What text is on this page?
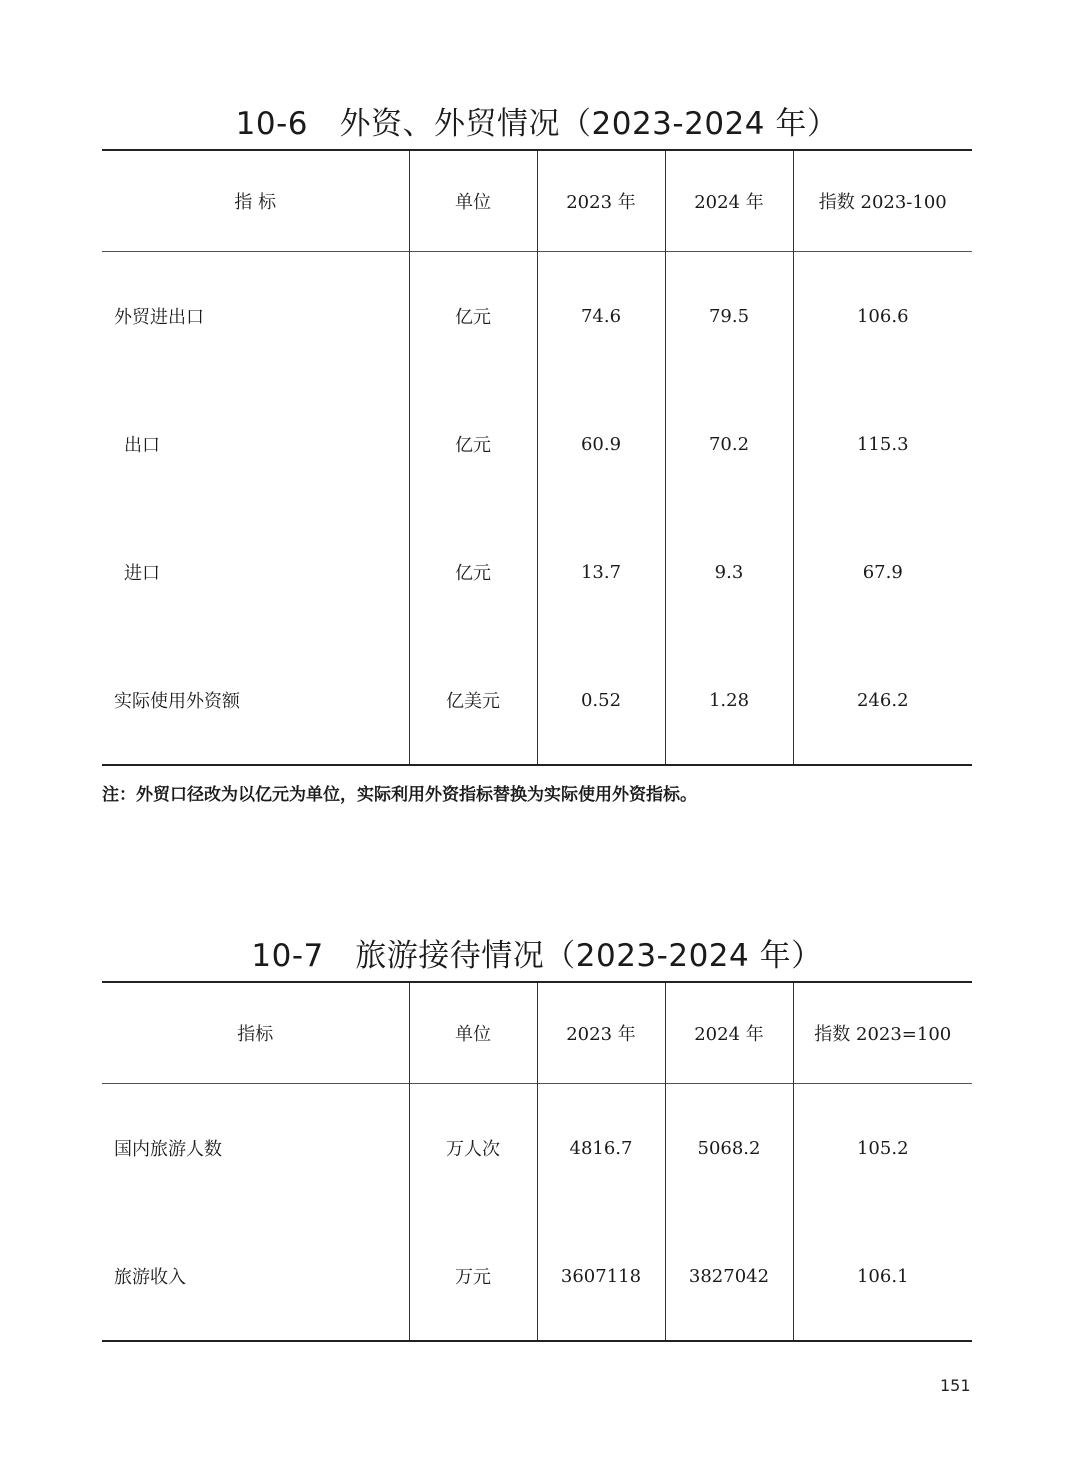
10-6　外资、外贸情况（2023-2024 年）
指 标	单位	2023 年	2024 年	指数 2023-100
外贸进出口	亿元	74.6	79.5	106.6
出口	亿元	60.9	70.2	115.3
进口	亿元	13.7	9.3	67.9
实际使用外资额	亿美元	0.52	1.28	246.2
注：外贸口径改为以亿元为单位，实际利用外资指标替换为实际使用外资指标。
10-7　旅游接待情况（2023-2024 年）
指标	单位	2023 年	2024 年	指数 2023=100
国内旅游人数	万人次	4816.7	5068.2	105.2
旅游收入	万元	3607118	3827042	106.1
151
